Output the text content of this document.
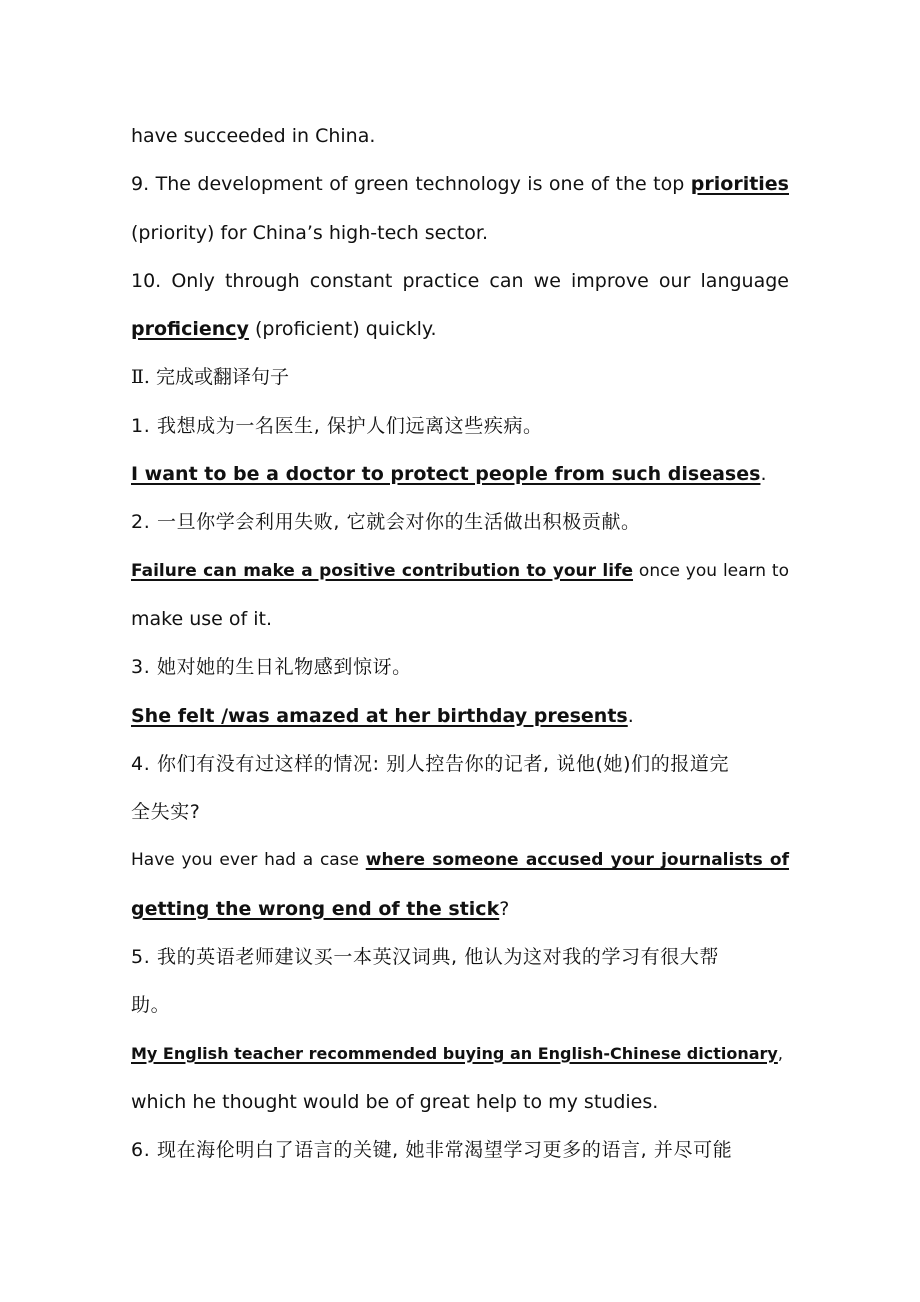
have succeeded in China.
9. The development of green technology is one of the top priorities
(priority) for China’s high-tech sector.
10. Only through constant practice can we improve our language
proficiency (proficient) quickly.
Ⅱ. 完成或翻译句子
1. 我想成为一名医生, 保护人们远离这些疾病。
I want to be a doctor to protect people from such diseases.
2. 一旦你学会利用失败, 它就会对你的生活做出积极贡献。
Failure can make a positive contribution to your life once you learn to
make use of it.
3. 她对她的生日礼物感到惊讶。
She felt /was amazed at her birthday presents.
4. 你们有没有过这样的情况: 别人控告你的记者, 说他(她)们的报道完
全失实?
Have you ever had a case where someone accused your journalists of
getting the wrong end of the stick?
5. 我的英语老师建议买一本英汉词典, 他认为这对我的学习有很大帮
助。
My English teacher recommended buying an English-Chinese dictionary,
which he thought would be of great help to my studies.
6. 现在海伦明白了语言的关键, 她非常渴望学习更多的语言, 并尽可能
